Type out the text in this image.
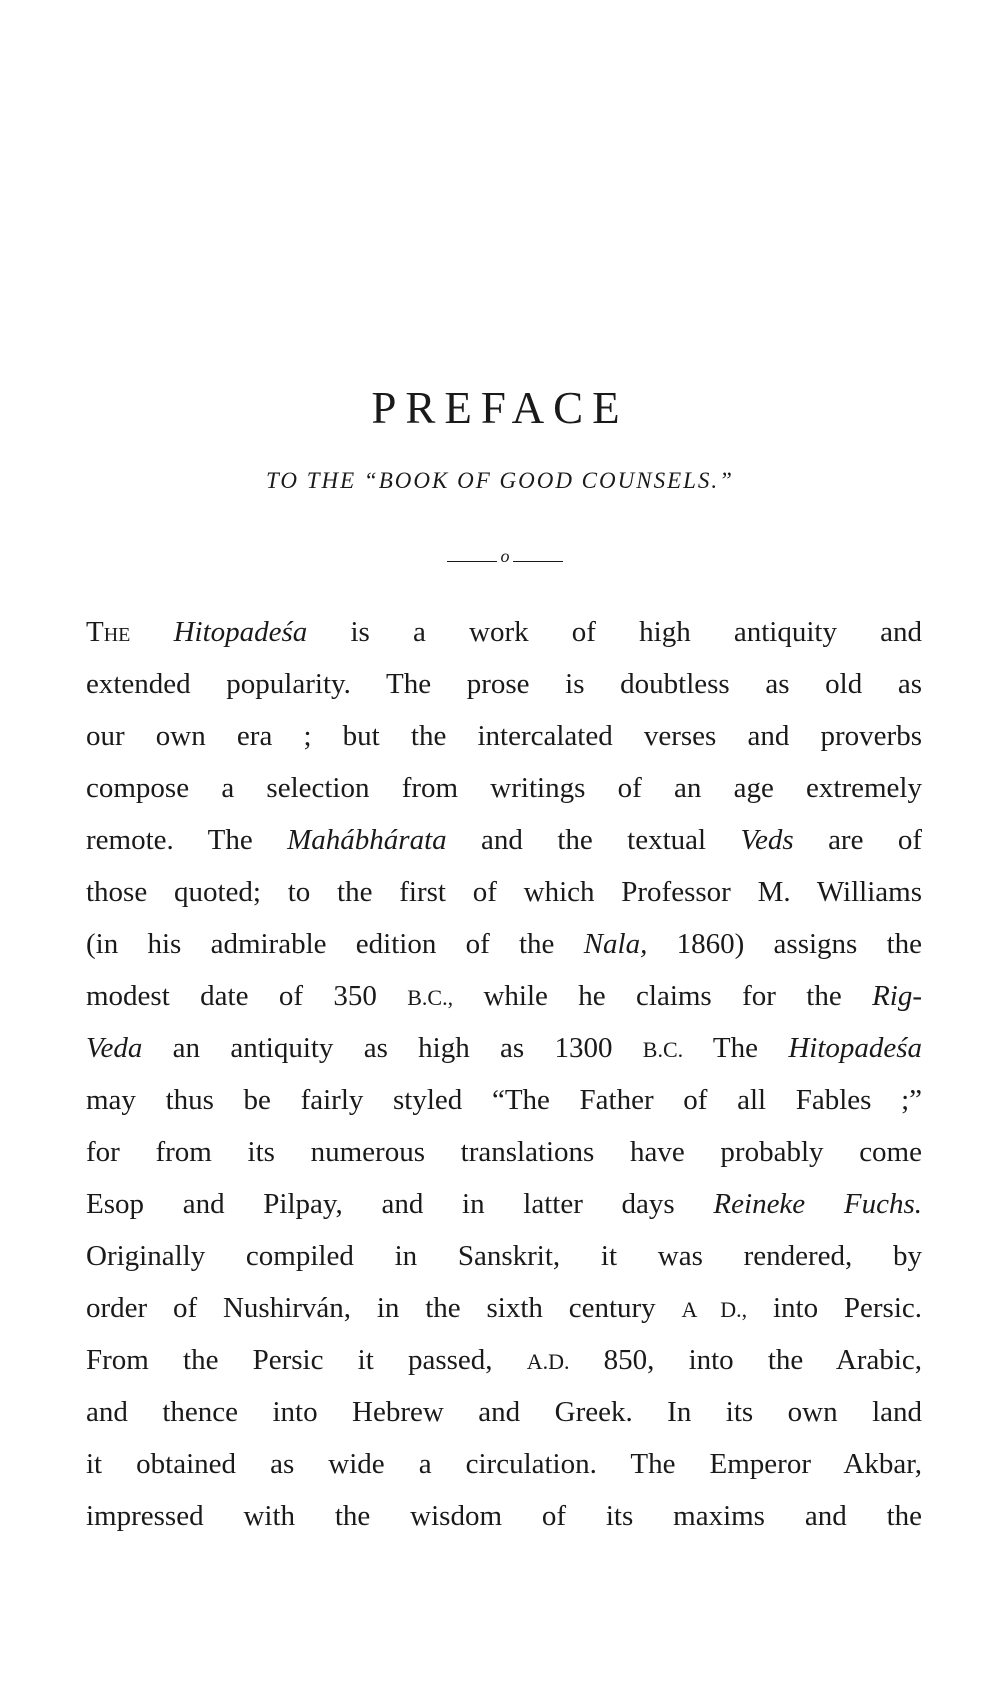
PREFACE
TO THE “BOOK OF GOOD COUNSELS.”
o
The Hitopadeśa is a work of high antiquity and
extended popularity. The prose is doubtless as old as
our own era ; but the intercalated verses and proverbs
compose a selection from writings of an age extremely
remote. The Mahábhárata and the textual Veds are of
those quoted; to the first of which Professor M. Williams
(in his admirable edition of the Nala, 1860) assigns the
modest date of 350 B.C., while he claims for the Rig-
Veda an antiquity as high as 1300 B.C. The Hitopadeśa
may thus be fairly styled “The Father of all Fables ;”
for from its numerous translations have probably come
Esop and Pilpay, and in latter days Reineke Fuchs.
Originally compiled in Sanskrit, it was rendered, by
order of Nushirván, in the sixth century A D., into Persic.
From the Persic it passed, A.D. 850, into the Arabic,
and thence into Hebrew and Greek. In its own land
it obtained as wide a circulation. The Emperor Akbar,
impressed with the wisdom of its maxims and the
